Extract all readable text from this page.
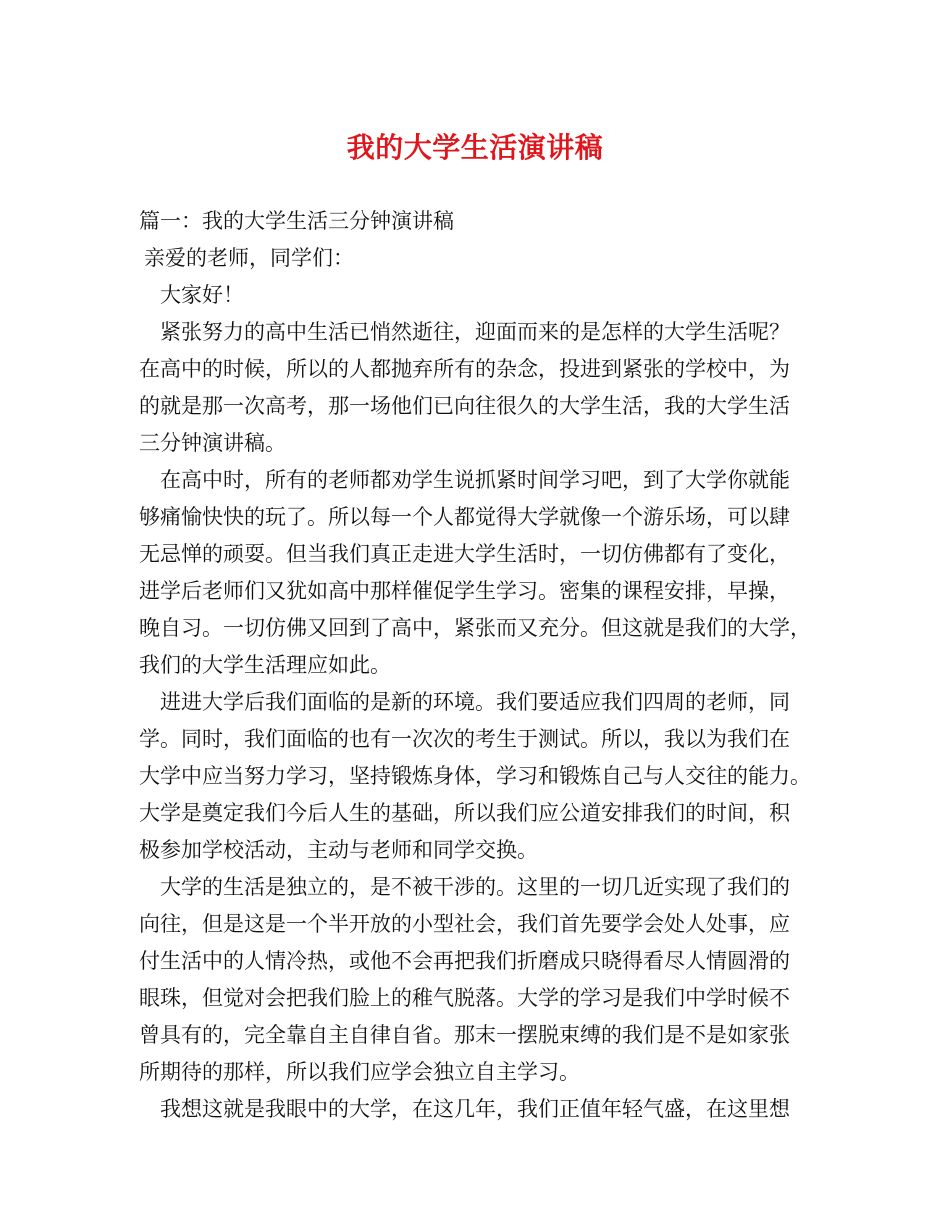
我的大学生活演讲稿
篇一：我的大学生活三分钟演讲稿
亲爱的老师，同学们：
大家好！
紧张努力的高中生活已悄然逝往，迎面而来的是怎样的大学生活呢？
在高中的时候，所以的人都抛弃所有的杂念，投进到紧张的学校中，为
的就是那一次高考，那一场他们已向往很久的大学生活，我的大学生活
三分钟演讲稿。
在高中时，所有的老师都劝学生说抓紧时间学习吧，到了大学你就能
够痛愉快快的玩了。所以每一个人都觉得大学就像一个游乐场，可以肆
无忌惮的顽耍。但当我们真正走进大学生活时，一切仿佛都有了变化，
进学后老师们又犹如高中那样催促学生学习。密集的课程安排，早操，
晚自习。一切仿佛又回到了高中，紧张而又充分。但这就是我们的大学，
我们的大学生活理应如此。
进进大学后我们面临的是新的环境。我们要适应我们四周的老师，同
学。同时，我们面临的也有一次次的考生于测试。所以，我以为我们在
大学中应当努力学习，坚持锻炼身体，学习和锻炼自己与人交往的能力。
大学是奠定我们今后人生的基础，所以我们应公道安排我们的时间，积
极参加学校活动，主动与老师和同学交换。
大学的生活是独立的，是不被干涉的。这里的一切几近实现了我们的
向往，但是这是一个半开放的小型社会，我们首先要学会处人处事，应
付生活中的人情冷热，或他不会再把我们折磨成只晓得看尽人情圆滑的
眼珠，但觉对会把我们脸上的稚气脱落。大学的学习是我们中学时候不
曾具有的，完全靠自主自律自省。那末一摆脱束缚的我们是不是如家张
所期待的那样，所以我们应学会独立自主学习。
我想这就是我眼中的大学，在这几年，我们正值年轻气盛，在这里想
